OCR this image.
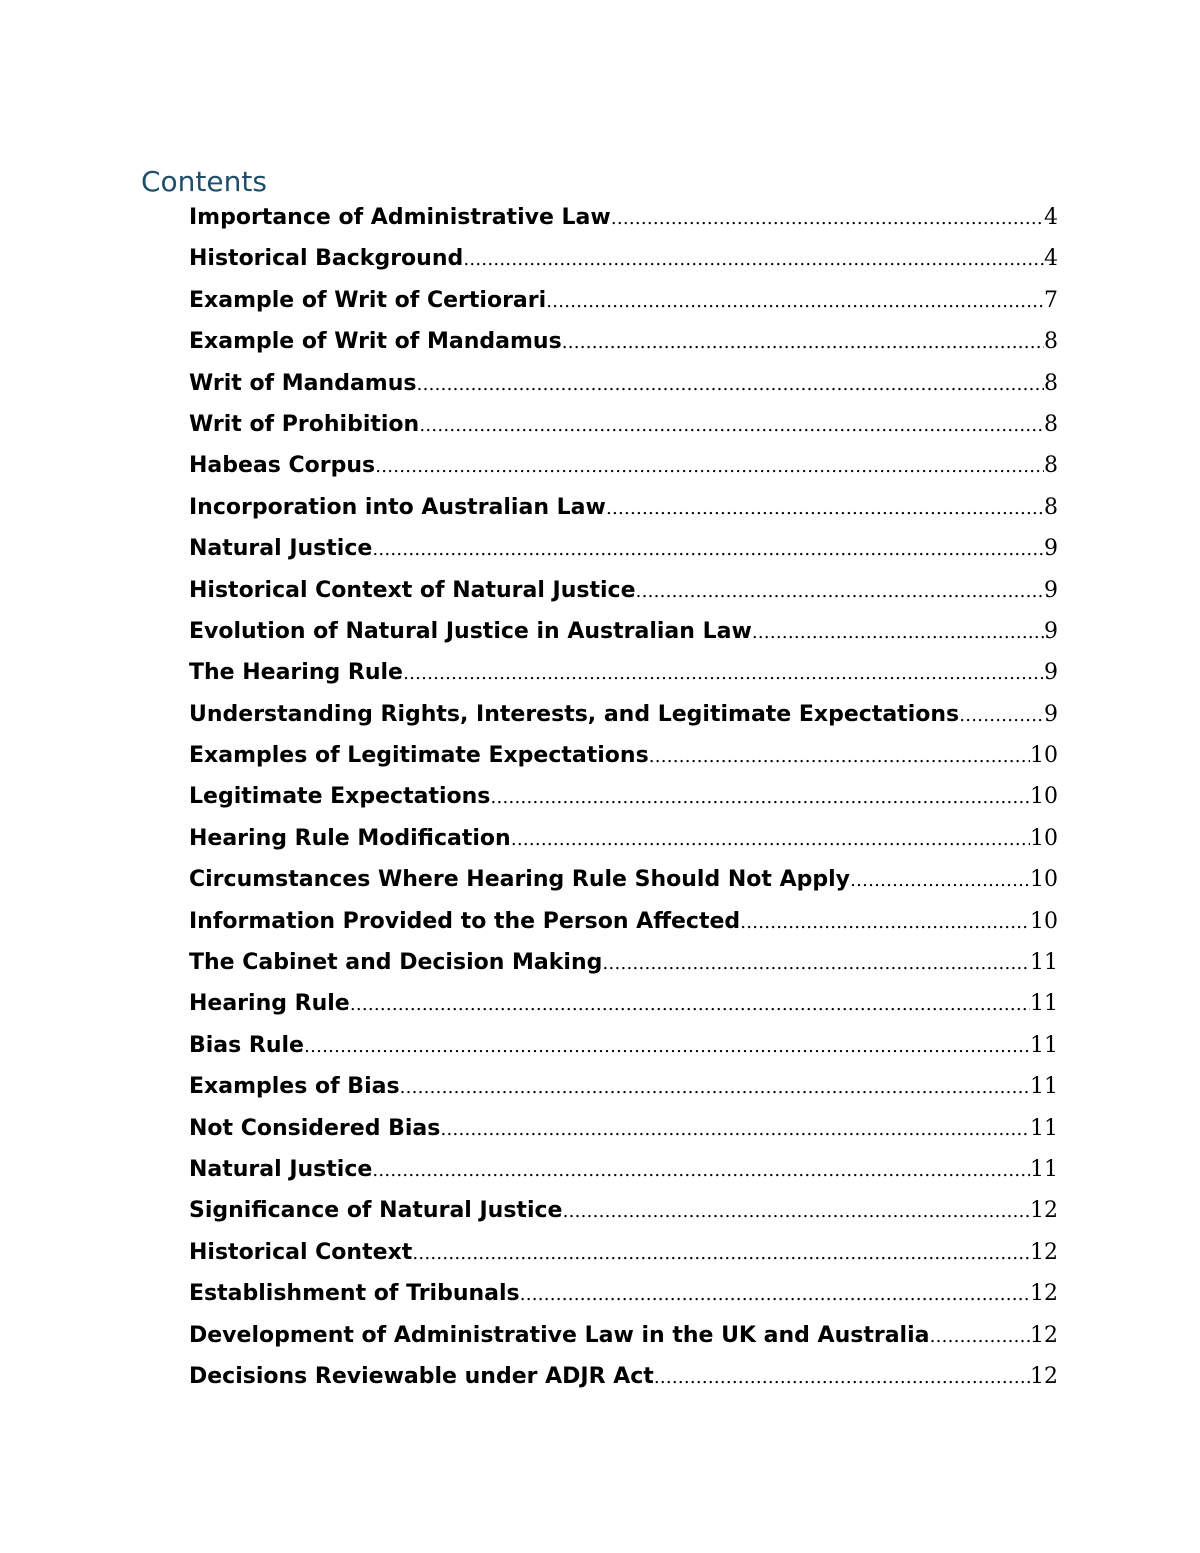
Contents
Importance of Administrative Law ……………………………………………………………………………………………………………………………………………………………………………………………………………………………	4
Historical Background ……………………………………………………………………………………………………………………………………………………………………………………………………………………………	4
Example of Writ of Certiorari ……………………………………………………………………………………………………………………………………………………………………………………………………………………………	7
Example of Writ of Mandamus ……………………………………………………………………………………………………………………………………………………………………………………………………………………………	8
Writ of Mandamus ……………………………………………………………………………………………………………………………………………………………………………………………………………………………	8
Writ of Prohibition ……………………………………………………………………………………………………………………………………………………………………………………………………………………………	8
Habeas Corpus ……………………………………………………………………………………………………………………………………………………………………………………………………………………………	8
Incorporation into Australian Law ……………………………………………………………………………………………………………………………………………………………………………………………………………………………	8
Natural Justice ……………………………………………………………………………………………………………………………………………………………………………………………………………………………	9
Historical Context of Natural Justice ……………………………………………………………………………………………………………………………………………………………………………………………………………………………	9
Evolution of Natural Justice in Australian Law ……………………………………………………………………………………………………………………………………………………………………………………………………………………………	9
The Hearing Rule ……………………………………………………………………………………………………………………………………………………………………………………………………………………………	9
Understanding Rights, Interests, and Legitimate Expectations ……………………………………………………………………………………………………………………………………………………………………………………………………………………………	9
Examples of Legitimate Expectations ……………………………………………………………………………………………………………………………………………………………………………………………………………………………	10
Legitimate Expectations ……………………………………………………………………………………………………………………………………………………………………………………………………………………………	10
Hearing Rule Modification ……………………………………………………………………………………………………………………………………………………………………………………………………………………………	10
Circumstances Where Hearing Rule Should Not Apply ……………………………………………………………………………………………………………………………………………………………………………………………………………………………	10
Information Provided to the Person Affected ……………………………………………………………………………………………………………………………………………………………………………………………………………………………	10
The Cabinet and Decision Making ……………………………………………………………………………………………………………………………………………………………………………………………………………………………	11
Hearing Rule ……………………………………………………………………………………………………………………………………………………………………………………………………………………………	11
Bias Rule ……………………………………………………………………………………………………………………………………………………………………………………………………………………………	11
Examples of Bias ……………………………………………………………………………………………………………………………………………………………………………………………………………………………	11
Not Considered Bias ……………………………………………………………………………………………………………………………………………………………………………………………………………………………	11
Natural Justice ……………………………………………………………………………………………………………………………………………………………………………………………………………………………	11
Significance of Natural Justice ……………………………………………………………………………………………………………………………………………………………………………………………………………………………	12
Historical Context ……………………………………………………………………………………………………………………………………………………………………………………………………………………………	12
Establishment of Tribunals ……………………………………………………………………………………………………………………………………………………………………………………………………………………………	12
Development of Administrative Law in the UK and Australia ……………………………………………………………………………………………………………………………………………………………………………………………………………………………	12
Decisions Reviewable under ADJR Act ……………………………………………………………………………………………………………………………………………………………………………………………………………………………	12
